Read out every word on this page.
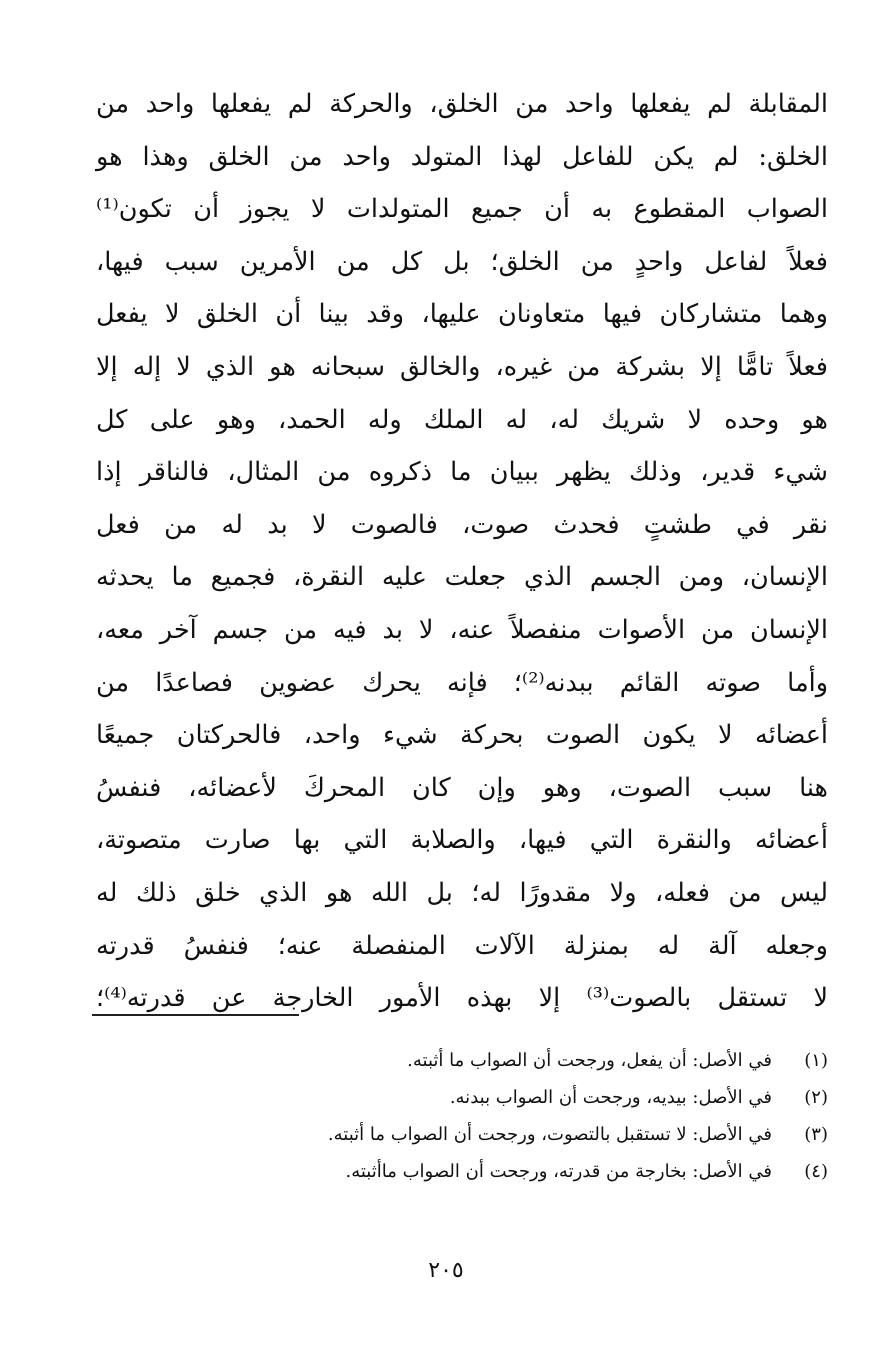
المقابلة لم يفعلها واحد من الخلق، والحركة لم يفعلها واحد من
الخلق: لم يكن للفاعل لهذا المتولد واحد من الخلق وهذا هو
الصواب المقطوع به أن جميع المتولدات لا يجوز أن تكون⁽¹⁾
فعلاً لفاعل واحدٍ من الخلق؛ بل كل من الأمرين سبب فيها،
وهما متشاركان فيها متعاونان عليها، وقد بينا أن الخلق لا يفعل
فعلاً تامًّا إلا بشركة من غيره، والخالق سبحانه هو الذي لا إله إلا
هو وحده لا شريك له، له الملك وله الحمد، وهو على كل
شيء قدير، وذلك يظهر ببيان ما ذكروه من المثال، فالناقر إذا
نقر في طشتٍ فحدث صوت، فالصوت لا بد له من فعل
الإنسان، ومن الجسم الذي جعلت عليه النقرة، فجميع ما يحدثه
الإنسان من الأصوات منفصلاً عنه، لا بد فيه من جسم آخر معه،
وأما صوته القائم ببدنه⁽²⁾؛ فإنه يحرك عضوين فصاعدًا من
أعضائه لا يكون الصوت بحركة شيء واحد، فالحركتان جميعًا
هنا سبب الصوت، وهو وإن كان المحركَ لأعضائه، فنفسُ
أعضائه والنقرة التي فيها، والصلابة التي بها صارت متصوتة،
ليس من فعله، ولا مقدورًا له؛ بل الله هو الذي خلق ذلك له
وجعله آلة له بمنزلة الآلات المنفصلة عنه؛ فنفسُ قدرته
لا تستقل بالصوت⁽³⁾ إلا بهذه الأمور الخارجة عن قدرته⁽⁴⁾؛
(١)
في الأصل: أن يفعل، ورجحت أن الصواب ما أثبته.
(٢)
في الأصل: بيديه، ورجحت أن الصواب ببدنه.
(٣)
في الأصل: لا تستقبل بالتصوت، ورجحت أن الصواب ما أثبته.
(٤)
في الأصل: بخارجة من قدرته، ورجحت أن الصواب ماأثبته.
٢٠٥
